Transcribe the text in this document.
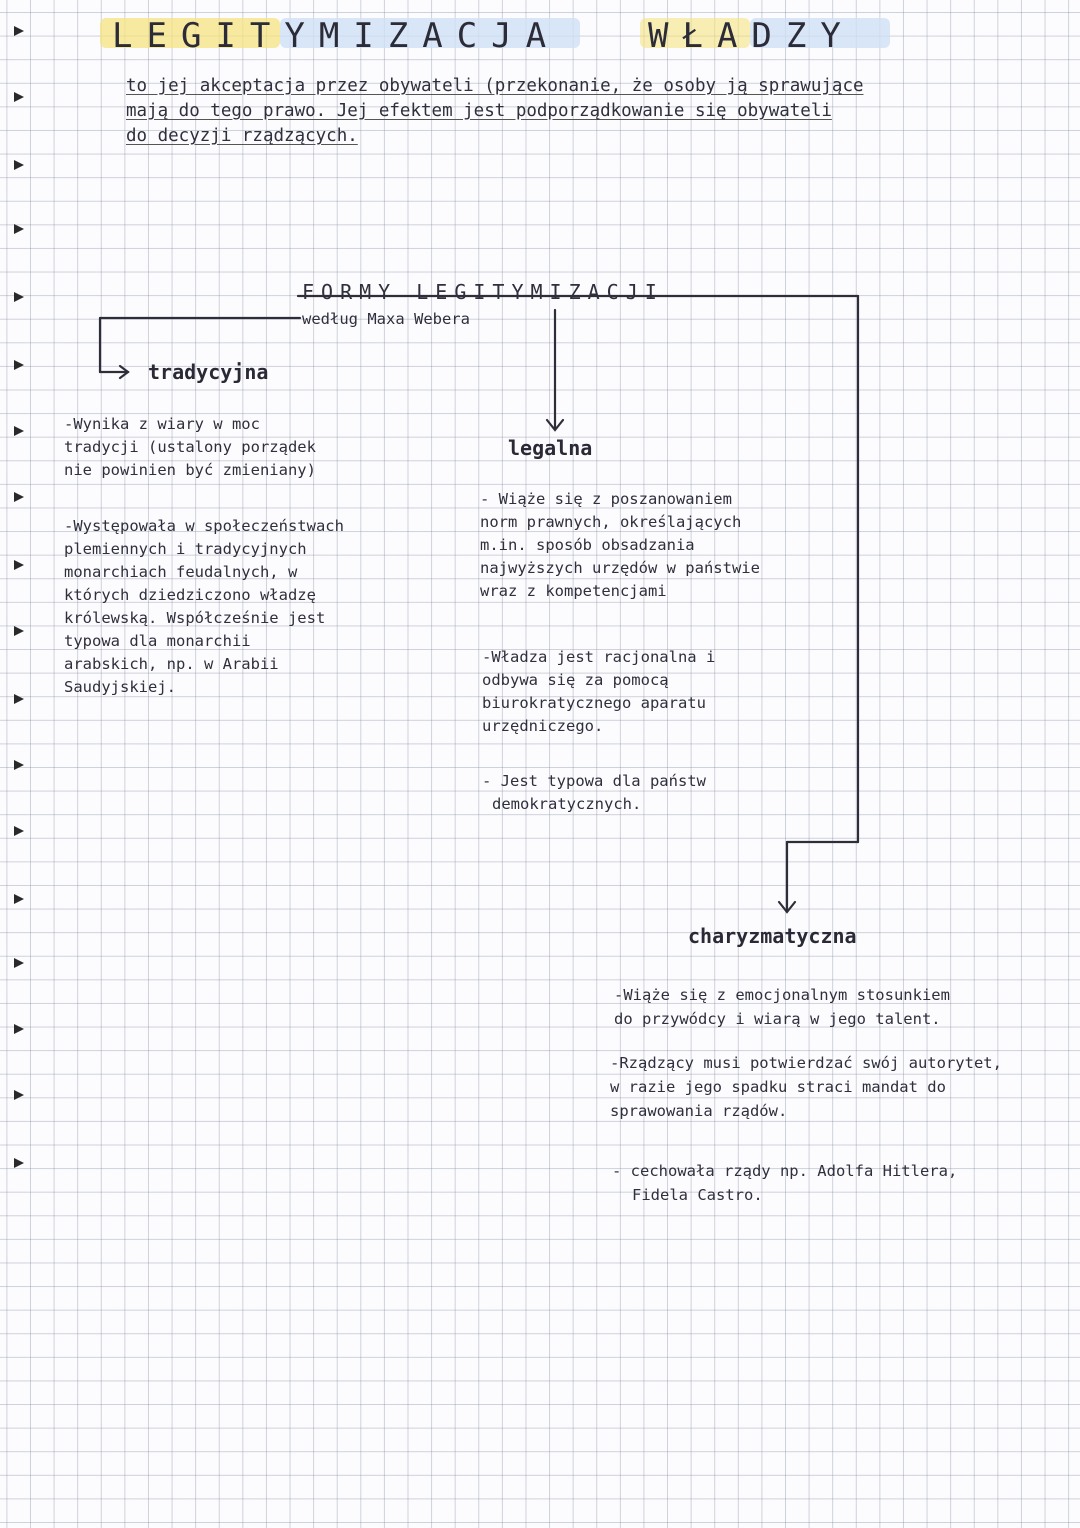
LEGITYMIZACJA	WŁADZY
to jej akceptacja przez obywateli (przekonanie, że osoby ją sprawujące
mają do tego prawo. Jej efektem jest podporządkowanie się obywateli
do decyzji rządzących.
FORMY LEGITYMIZACJI
według Maxa Webera
tradycyjna
-Wynika z wiary w moc
tradycji (ustalony porządek
nie powinien być zmieniany)
-Występowała w społeczeństwach
plemiennych i tradycyjnych
monarchiach feudalnych, w
których dziedziczono władzę
królewską. Współcześnie jest
typowa dla monarchii
arabskich, np. w Arabii
Saudyjskiej.
legalna
- Wiąże się z poszanowaniem
norm prawnych, określających
m.in. sposób obsadzania
najwyższych urzędów w państwie
wraz z kompetencjami
-Władza jest racjonalna i
odbywa się za pomocą
biurokratycznego aparatu
urzędniczego.
- Jest typowa dla państw
demokratycznych.
charyzmatyczna
-Wiąże się z emocjonalnym stosunkiem
do przywódcy i wiarą w jego talent.
-Rządzący musi potwierdzać swój autorytet,
w razie jego spadku straci mandat do
sprawowania rządów.
- cechowała rządy np. Adolfa Hitlera,
Fidela Castro.
